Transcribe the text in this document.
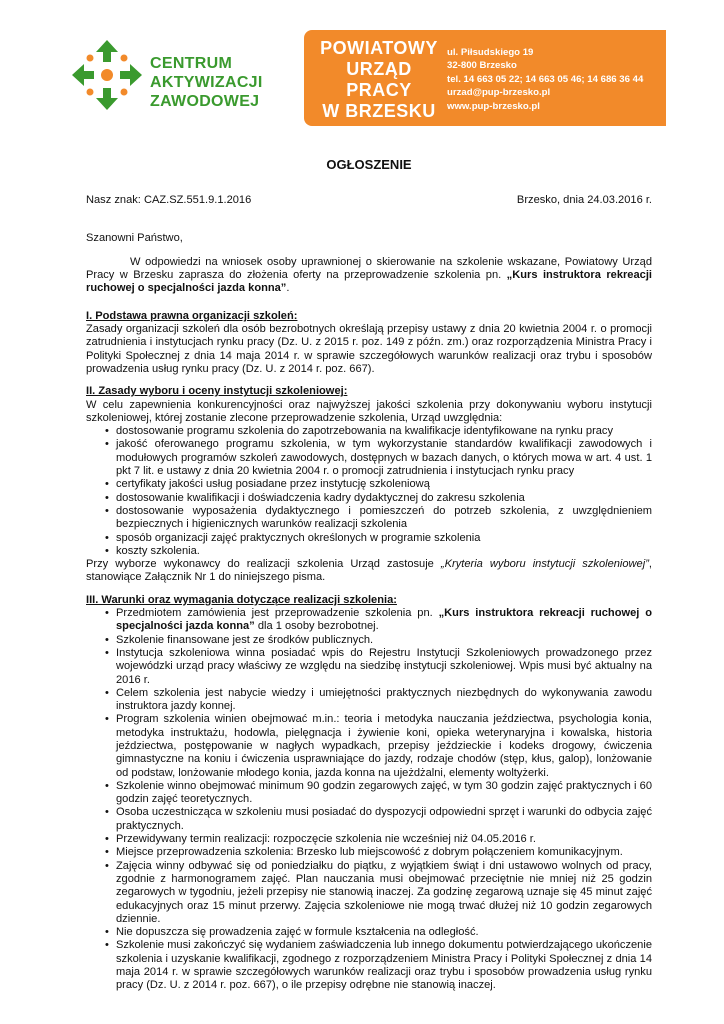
CENTRUM
AKTYWIZACJI
ZAWODOWEJ
POWIATOWY
URZĄD PRACY
W BRZESKU
ul. Piłsudskiego 19
32-800 Brzesko
tel. 14 663 05 22; 14 663 05 46; 14 686 36 44
urzad@pup-brzesko.pl
www.pup-brzesko.pl
OGŁOSZENIE
Nasz znak: CAZ.SZ.551.9.1.2016	Brzesko, dnia 24.03.2016 r.
Szanowni Państwo,

W odpowiedzi na wniosek osoby uprawnionej o skierowanie na szkolenie wskazane, Powiatowy Urząd Pracy w Brzesku zaprasza do złożenia oferty na przeprowadzenie szkolenia pn. „Kurs instruktora rekreacji ruchowej o specjalności jazda konna”.

I. Podstawa prawna organizacji szkoleń:

Zasady organizacji szkoleń dla osób bezrobotnych określają przepisy ustawy z dnia 20 kwietnia 2004 r. o promocji zatrudnienia i instytucjach rynku pracy (Dz. U. z 2015 r. poz. 149 z późn. zm.) oraz rozporządzenia Ministra Pracy i Polityki Społecznej z dnia 14 maja 2014 r. w sprawie szczegółowych warunków realizacji oraz trybu i sposobów prowadzenia usług rynku pracy (Dz. U. z 2014 r. poz. 667).

II. Zasady wyboru i oceny instytucji szkoleniowej:

W celu zapewnienia konkurencyjności oraz najwyższej jakości szkolenia przy dokonywaniu wyboru instytucji szkoleniowej, której zostanie zlecone przeprowadzenie szkolenia, Urząd uwzględnia:

• dostosowanie programu szkolenia do zapotrzebowania na kwalifikacje identyfikowane na rynku pracy
• jakość oferowanego programu szkolenia, w tym wykorzystanie standardów kwalifikacji zawodowych i modułowych programów szkoleń zawodowych, dostępnych w bazach danych, o których mowa w art. 4 ust. 1 pkt 7 lit. e ustawy z dnia 20 kwietnia 2004 r. o promocji zatrudnienia i instytucjach rynku pracy
• certyfikaty jakości usług posiadane przez instytucję szkoleniową
• dostosowanie kwalifikacji i doświadczenia kadry dydaktycznej do zakresu szkolenia
• dostosowanie wyposażenia dydaktycznego i pomieszczeń do potrzeb szkolenia, z uwzględnieniem bezpiecznych i higienicznych warunków realizacji szkolenia
• sposób organizacji zajęć praktycznych określonych w programie szkolenia
• koszty szkolenia.

Przy wyborze wykonawcy do realizacji szkolenia Urząd zastosuje „Kryteria wyboru instytucji szkoleniowej”, stanowiące Załącznik Nr 1 do niniejszego pisma.

III. Warunki oraz wymagania dotyczące realizacji szkolenia:
• Przedmiotem zamówienia jest przeprowadzenie szkolenia pn. „Kurs instruktora rekreacji ruchowej o specjalności jazda konna” dla 1 osoby bezrobotnej.
• Szkolenie finansowane jest ze środków publicznych.
• Instytucja szkoleniowa winna posiadać wpis do Rejestru Instytucji Szkoleniowych prowadzonego przez wojewódzki urząd pracy właściwy ze względu na siedzibę instytucji szkoleniowej. Wpis musi być aktualny na 2016 r.
• Celem szkolenia jest nabycie wiedzy i umiejętności praktycznych niezbędnych do wykonywania zawodu instruktora jazdy konnej.
• Program szkolenia winien obejmować m.in.: teoria i metodyka nauczania jeździectwa, psychologia konia, metodyka instruktażu, hodowla, pielęgnacja i żywienie koni, opieka weterynaryjna i kowalska, historia jeździectwa, postępowanie w nagłych wypadkach, przepisy jeździeckie i kodeks drogowy, ćwiczenia gimnastyczne na koniu i ćwiczenia usprawniające do jazdy, rodzaje chodów (stęp, kłus, galop), lonżowanie od podstaw, lonżowanie młodego konia, jazda konna na ujeżdżalni, elementy woltyżerki.
• Szkolenie winno obejmować minimum 90 godzin zegarowych zajęć, w tym 30 godzin zajęć praktycznych i 60 godzin zajęć teoretycznych.
• Osoba uczestnicząca w szkoleniu musi posiadać do dyspozycji odpowiedni sprzęt i warunki do odbycia zajęć praktycznych.
• Przewidywany termin realizacji: rozpoczęcie szkolenia nie wcześniej niż 04.05.2016 r.
• Miejsce przeprowadzenia szkolenia: Brzesko lub miejscowość z dobrym połączeniem komunikacyjnym.
• Zajęcia winny odbywać się od poniedziałku do piątku, z wyjątkiem świąt i dni ustawowo wolnych od pracy, zgodnie z harmonogramem zajęć. Plan nauczania musi obejmować przeciętnie nie mniej niż 25 godzin zegarowych w tygodniu, jeżeli przepisy nie stanowią inaczej. Za godzinę zegarową uznaje się 45 minut zajęć edukacyjnych oraz 15 minut przerwy. Zajęcia szkoleniowe nie mogą trwać dłużej niż 10 godzin zegarowych dziennie.
• Nie dopuszcza się prowadzenia zajęć w formule kształcenia na odległość.
• Szkolenie musi zakończyć się wydaniem zaświadczenia lub innego dokumentu potwierdzającego ukończenie szkolenia i uzyskanie kwalifikacji, zgodnego z rozporządzeniem Ministra Pracy i Polityki Społecznej z dnia 14 maja 2014 r. w sprawie szczegółowych warunków realizacji oraz trybu i sposobów prowadzenia usług rynku pracy (Dz. U. z 2014 r. poz. 667), o ile przepisy odrębne nie stanowią inaczej.
